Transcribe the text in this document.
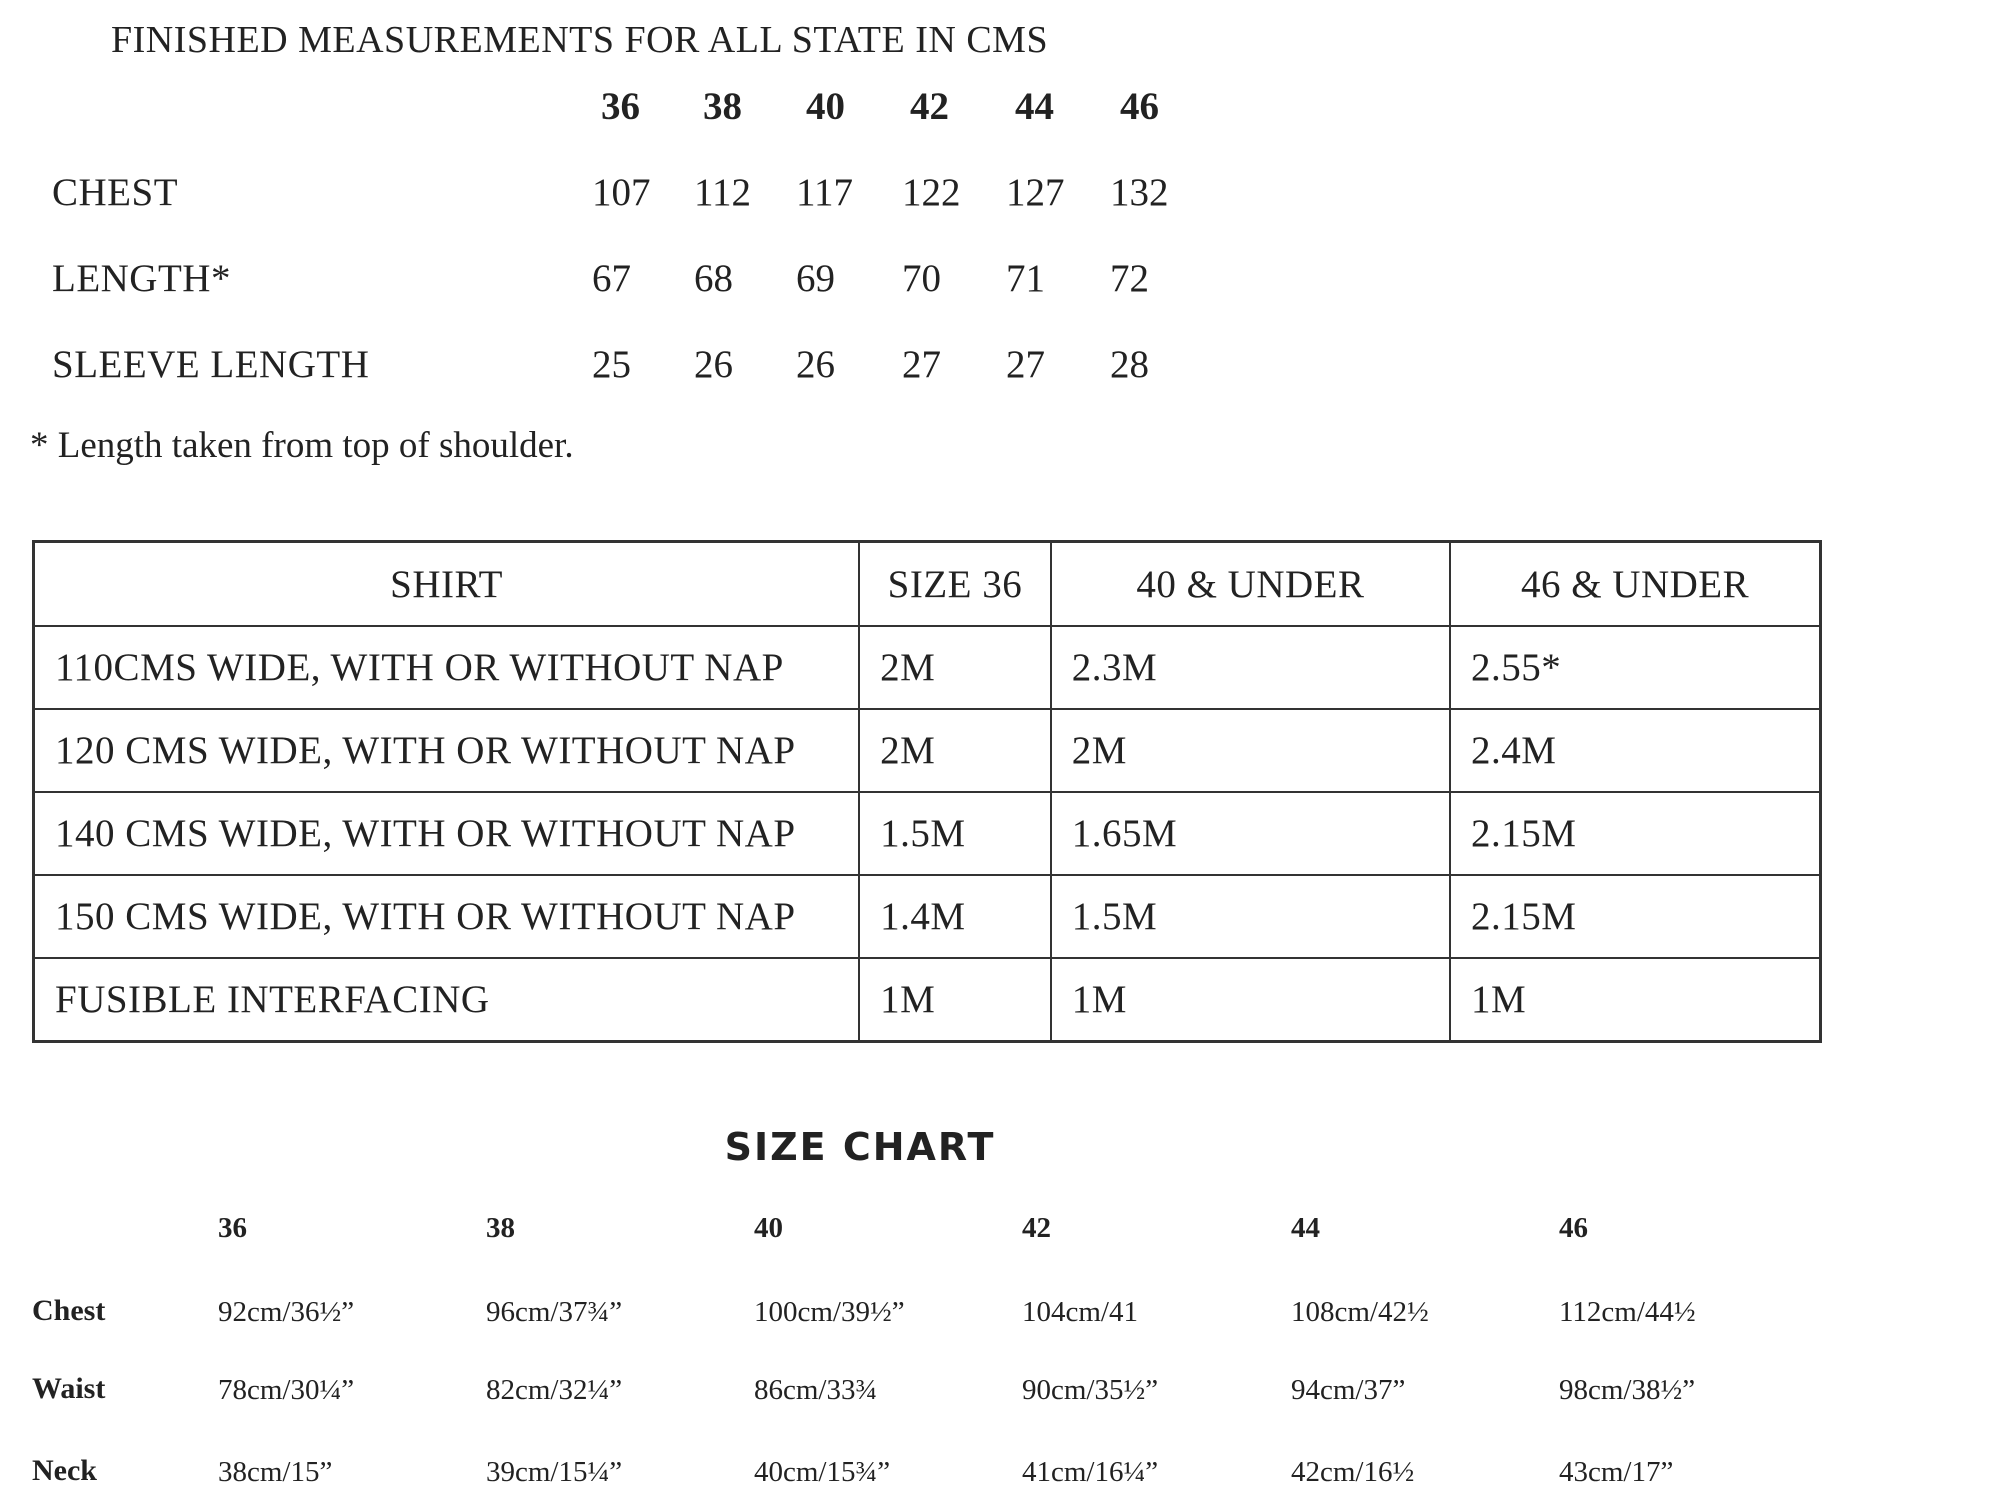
FINISHED MEASUREMENTS FOR ALL STATE IN CMS
36 38 40 42 44 46
CHEST	107 112 117 122 127 132
LENGTH*	67 68 69 70 71 72
SLEEVE LENGTH	25 26 26 27 27 28
* Length taken from top of shoulder.
SHIRT	SIZE 36	40 & UNDER	46 & UNDER
110CMS WIDE, WITH OR WITHOUT NAP	2M	2.3M	2.55*
120 CMS WIDE, WITH OR WITHOUT NAP	2M	2M	2.4M
140 CMS WIDE, WITH OR WITHOUT NAP	1.5M	1.65M	2.15M
150 CMS WIDE, WITH OR WITHOUT NAP	1.4M	1.5M	2.15M
FUSIBLE INTERFACING	1M	1M	1M
SIZE CHART
36	38	40	42	44	46
Chest	92cm/36½”	96cm/37¾”	100cm/39½”	104cm/41	108cm/42½	112cm/44½
Waist	78cm/30¼”	82cm/32¼”	86cm/33¾	90cm/35½”	94cm/37”	98cm/38½”
Neck	38cm/15”	39cm/15¼”	40cm/15¾”	41cm/16¼”	42cm/16½	43cm/17”
